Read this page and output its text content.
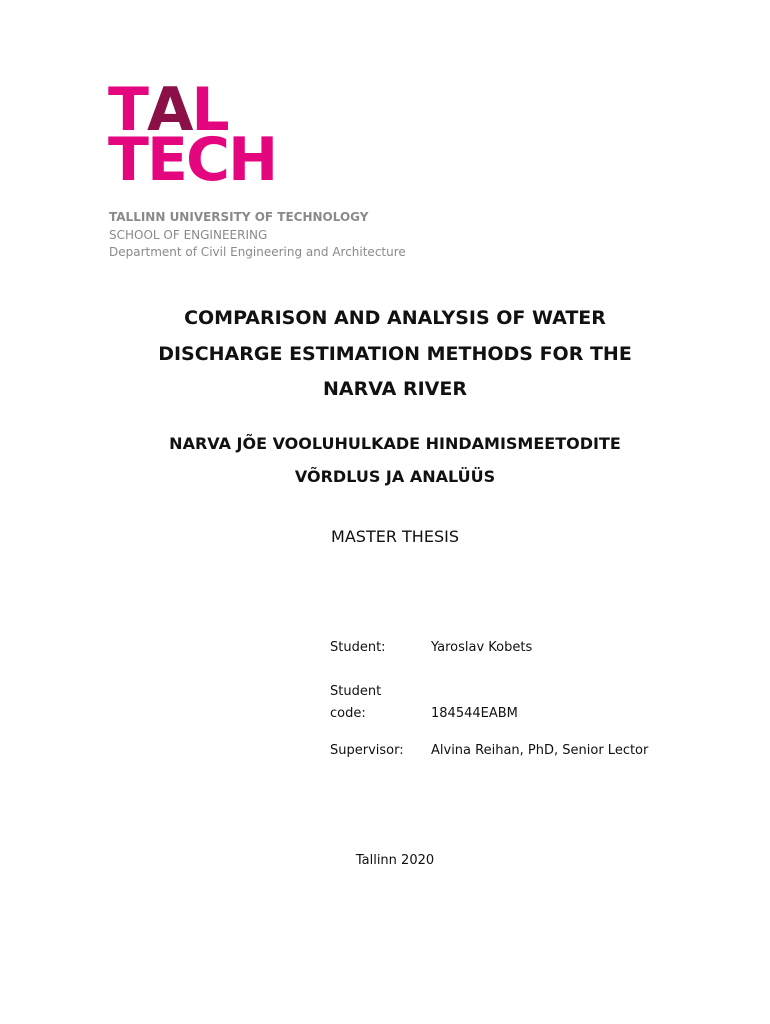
TAL
TECH
TALLINN UNIVERSITY OF TECHNOLOGY
SCHOOL OF ENGINEERING
Department of Civil Engineering and Architecture
COMPARISON AND ANALYSIS OF WATER
DISCHARGE ESTIMATION METHODS FOR THE
NARVA RIVER
NARVA JÕE VOOLUHULKADE HINDAMISMEETODITE
VÕRDLUS JA ANALÜÜS
MASTER THESIS
Student:	Yaroslav Kobets
Student
code:	184544EABM
Supervisor: Alvina Reihan, PhD, Senior Lector
Tallinn 2020
